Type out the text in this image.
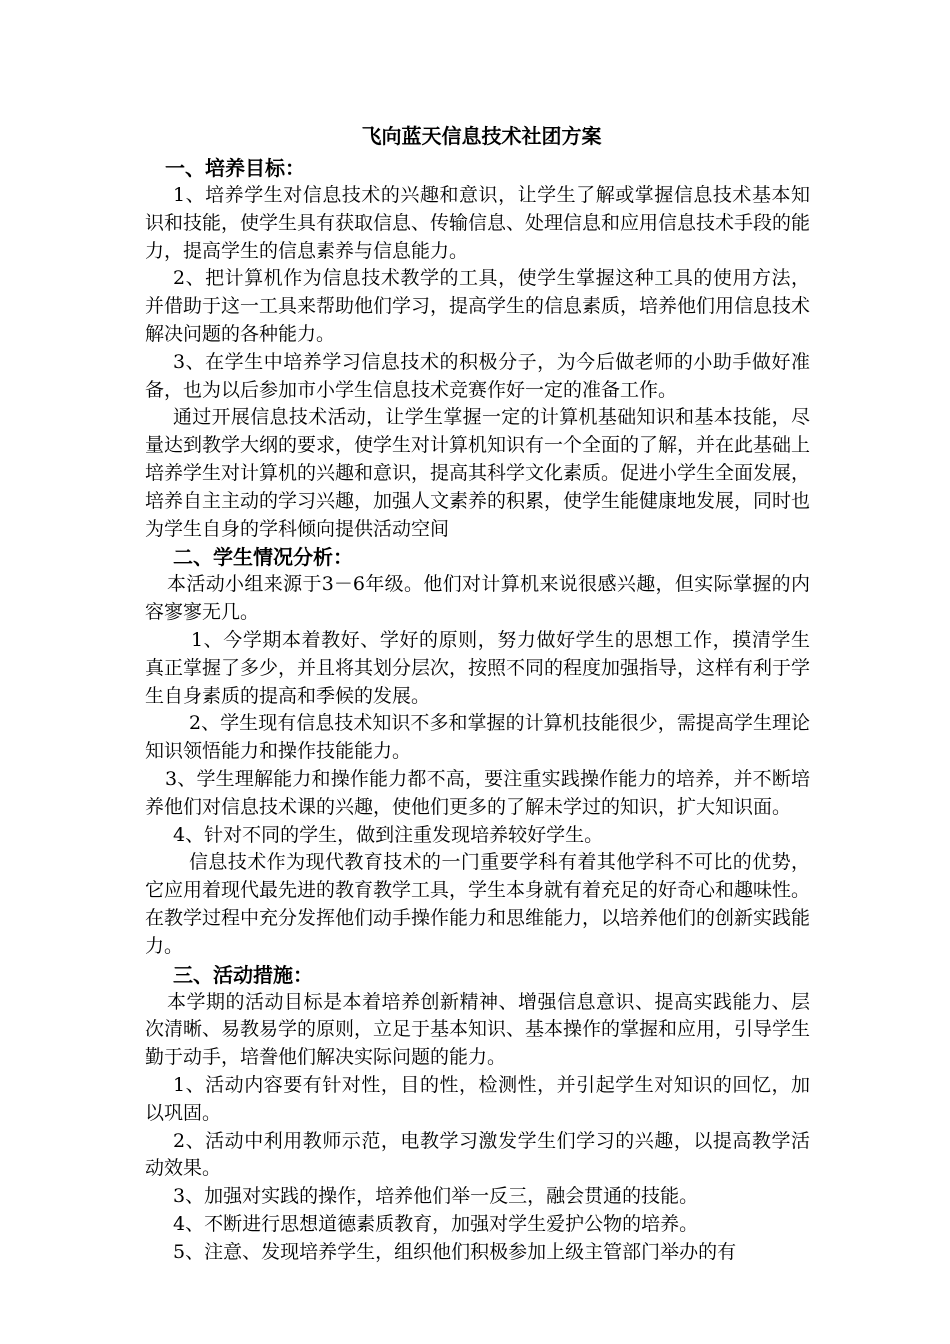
飞向蓝天信息技术社团方案

一、培养目标：

1、培养学生对信息技术的兴趣和意识，让学生了解或掌握信息技术基本知识和技能，使学生具有获取信息、传输信息、处理信息和应用信息技术手段的能力，提高学生的信息素养与信息能力。

2、把计算机作为信息技术教学的工具，使学生掌握这种工具的使用方法，并借助于这一工具来帮助他们学习，提高学生的信息素质，培养他们用信息技术解决问题的各种能力。

3、在学生中培养学习信息技术的积极分子，为今后做老师的小助手做好准备，也为以后参加市小学生信息技术竞赛作好一定的准备工作。

通过开展信息技术活动，让学生掌握一定的计算机基础知识和基本技能，尽量达到教学大纲的要求，使学生对计算机知识有一个全面的了解，并在此基础上培养学生对计算机的兴趣和意识，提高其科学文化素质。促进小学生全面发展，培养自主主动的学习兴趣，加强人文素养的积累，使学生能健康地发展，同时也为学生自身的学科倾向提供活动空间

二、学生情况分析：

本活动小组来源于3－6年级。他们对计算机来说很感兴趣，但实际掌握的内容寥寥无几。

1、今学期本着教好、学好的原则，努力做好学生的思想工作，摸清学生真正掌握了多少，并且将其划分层次，按照不同的程度加强指导，这样有利于学生自身素质的提高和季候的发展。

2、学生现有信息技术知识不多和掌握的计算机技能很少，需提高学生理论知识领悟能力和操作技能能力。

3、学生理解能力和操作能力都不高，要注重实践操作能力的培养，并不断培养他们对信息技术课的兴趣，使他们更多的了解未学过的知识，扩大知识面。

4、针对不同的学生，做到注重发现培养较好学生。

信息技术作为现代教育技术的一门重要学科有着其他学科不可比的优势，它应用着现代最先进的教育教学工具，学生本身就有着充足的好奇心和趣味性。在教学过程中充分发挥他们动手操作能力和思维能力，以培养他们的创新实践能力。

三、活动措施：

本学期的活动目标是本着培养创新精神、增强信息意识、提高实践能力、层次清晰、易教易学的原则，立足于基本知识、基本操作的掌握和应用，引导学生勤于动手，培誊他们解决实际问题的能力。

1、活动内容要有针对性，目的性，检测性，并引起学生对知识的回忆，加以巩固。

2、活动中利用教师示范，电教学习激发学生们学习的兴趣，以提高教学活动效果。

3、加强对实践的操作，培养他们举一反三，融会贯通的技能。

4、不断进行思想道德素质教育，加强对学生爱护公物的培养。

5、注意、发现培养学生，组织他们积极参加上级主管部门举办的有
